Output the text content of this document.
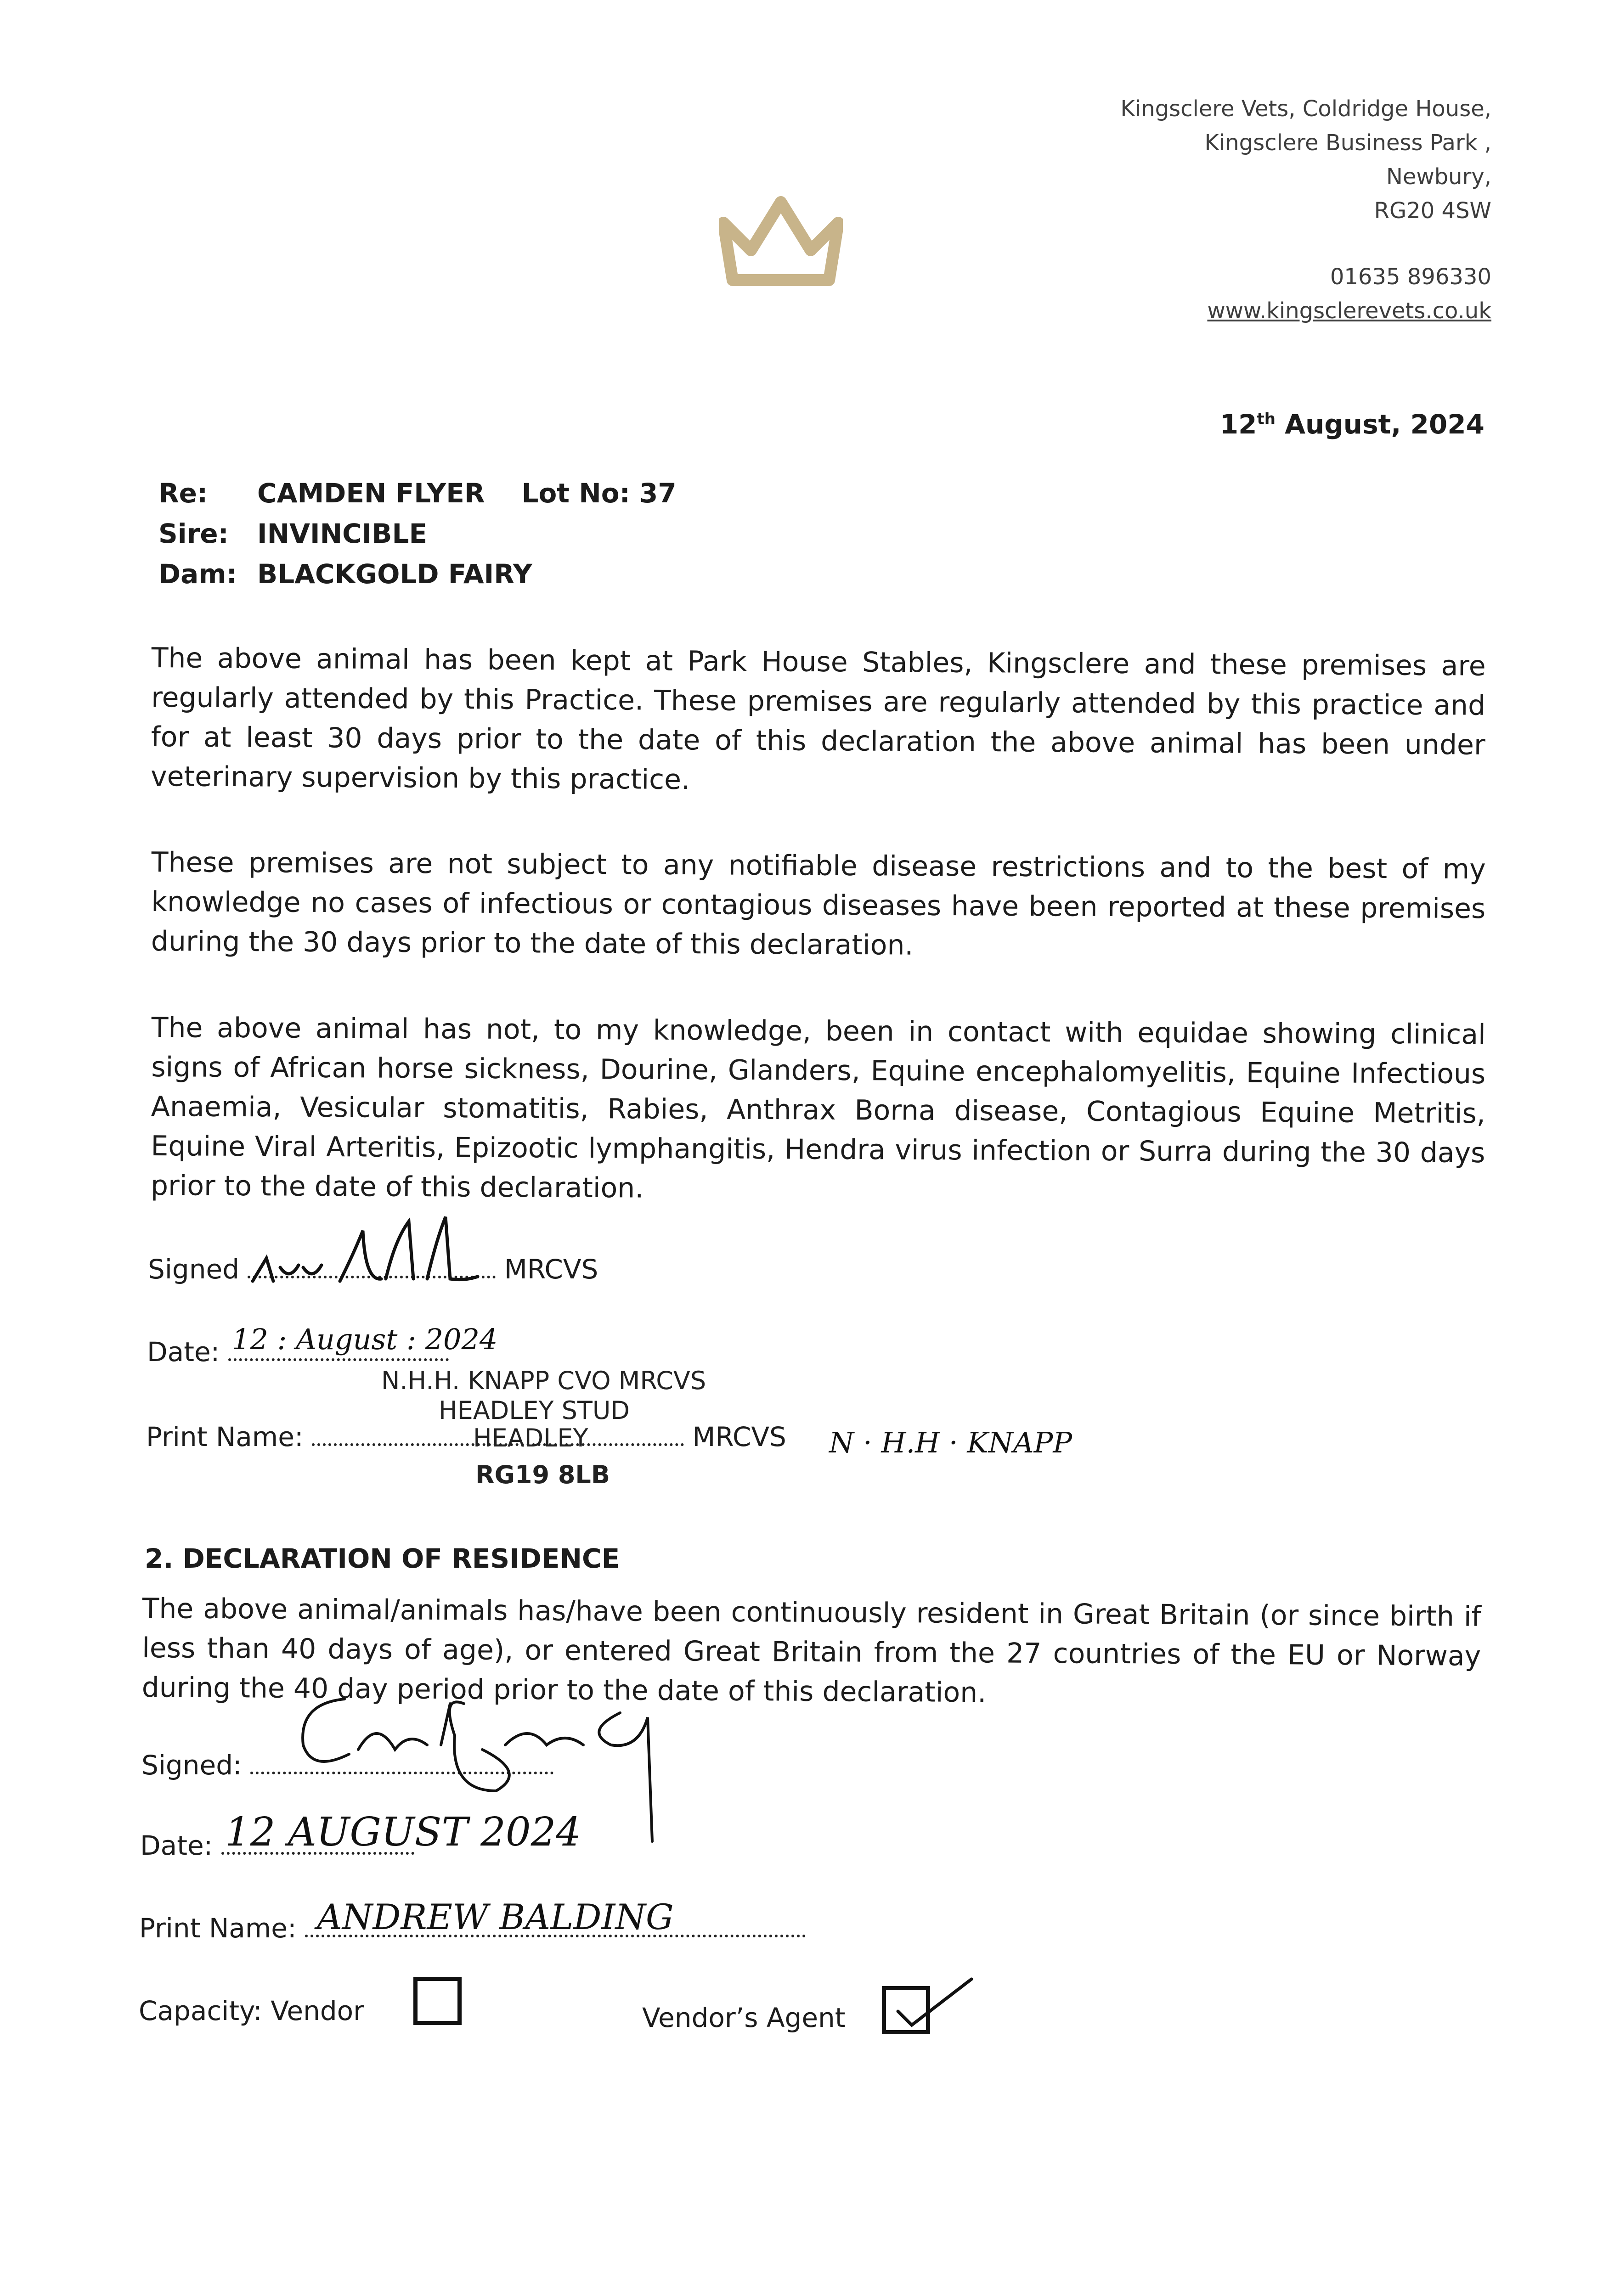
Kingsclere Vets, Coldridge House,
Kingsclere Business Park ,
Newbury,
RG20 4SW
01635 896330
www.kingsclerevets.co.uk
12th August, 2024
Re:	CAMDEN FLYER Lot No: 37
Sire:	INVINCIBLE
Dam: BLACKGOLD FAIRY
The above animal has been kept at Park House Stables, Kingsclere and these premises are regularly attended by this Practice. These premises are regularly attended by this practice and for at least 30 days prior to the date of this declaration the above animal has been under veterinary supervision by this practice.
These premises are not subject to any notifiable disease restrictions and to the best of my knowledge no cases of infectious or contagious diseases have been reported at these premises during the 30 days prior to the date of this declaration.
The above animal has not, to my knowledge, been in contact with equidae showing clinical signs of African horse sickness, Dourine, Glanders, Equine encephalomyelitis, Equine Infectious Anaemia, Vesicular stomatitis, Rabies, Anthrax Borna disease, Contagious Equine Metritis, Equine Viral Arteritis, Epizootic lymphangitis, Hendra virus infection or Surra during the 30 days prior to the date of this declaration.
Signed	MRCVS
Date: 12 : August : 2024
N.H.H. KNAPP CVO MRCVS
HEADLEY STUD
Print Name:	MRCVS
HEADLEY
RG19 8LB
N · H.H · KNAPP
2. DECLARATION OF RESIDENCE
The above animal/animals has/have been continuously resident in Great Britain (or since birth if less than 40 days of age), or entered Great Britain from the 27 countries of the EU or Norway during the 40 day period prior to the date of this declaration.
Signed:
Date: 12 AUGUST 2024
Print Name: ANDREW BALDING
Capacity: Vendor	Vendor’s Agent
